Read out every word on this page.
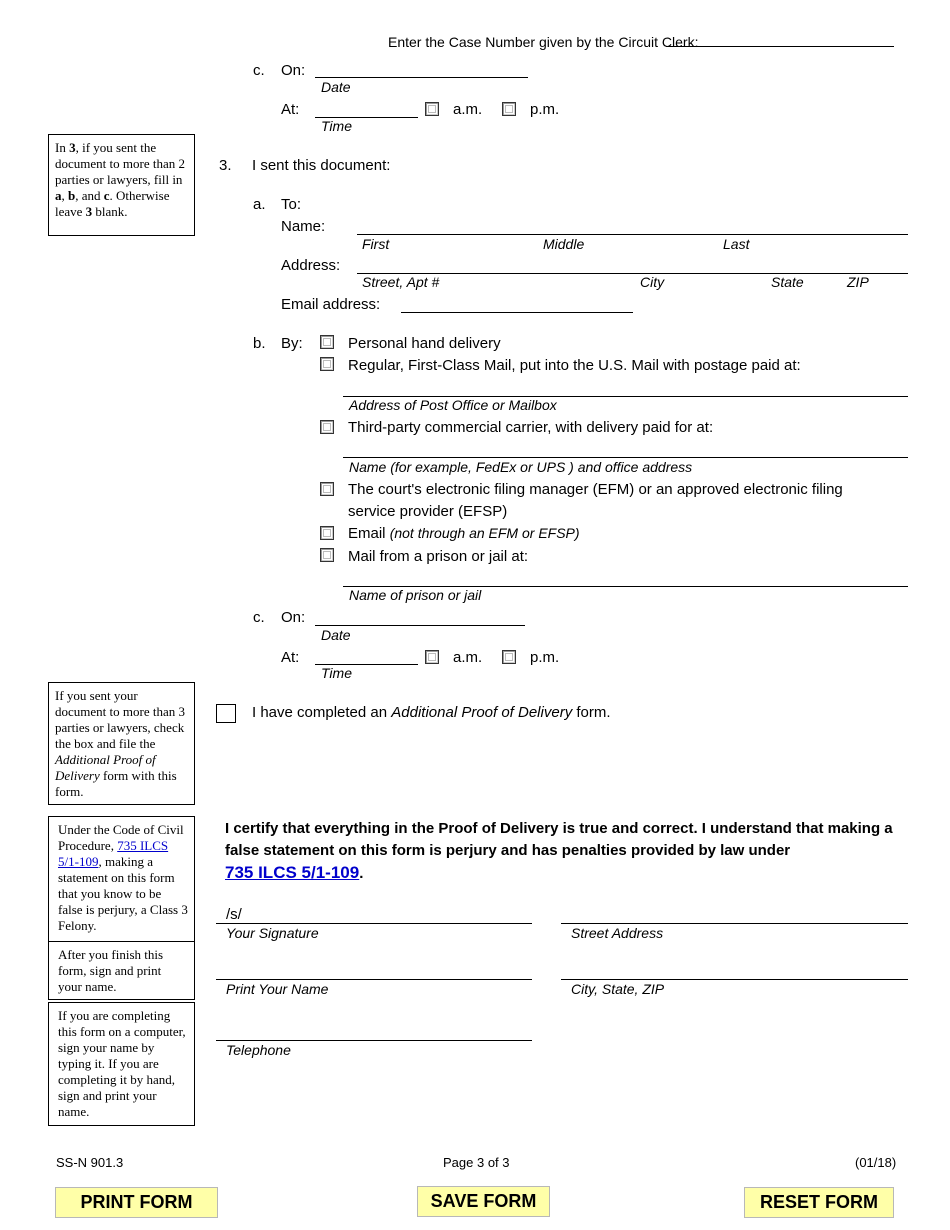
Enter the Case Number given by the Circuit Clerk:
c. On:
Date
At:
Time
a.m.	p.m.
In 3, if you sent the document to more than 2 parties or lawyers, fill in a, b, and c. Otherwise leave 3 blank.
3. I sent this document:
a. To:
Name:
First	Middle	Last
Address:
Street, Apt #	City	State	ZIP
Email address:
b. By:	Personal hand delivery
Regular, First-Class Mail, put into the U.S. Mail with postage paid at:
Address of Post Office or Mailbox
Third-party commercial carrier, with delivery paid for at:
Name (for example, FedEx or UPS ) and office address
The court's electronic filing manager (EFM) or an approved electronic filing
service provider (EFSP)
Email (not through an EFM or EFSP)
Mail from a prison or jail at:
Name of prison or jail
c. On:
Date
At:
Time
a.m.	p.m.
If you sent your document to more than 3 parties or lawyers, check the box and file the Additional Proof of Delivery form with this form.
I have completed an Additional Proof of Delivery form.
Under the Code of Civil Procedure, 735 ILCS 5/1-109, making a statement on this form that you know to be false is perjury, a Class 3 Felony.
After you finish this form, sign and print your name.
If you are completing this form on a computer, sign your name by typing it. If you are completing it by hand, sign and print your name.
I certify that everything in the Proof of Delivery is true and correct. I understand that making a false statement on this form is perjury and has penalties provided by law under
735 ILCS 5/1-109.
/s/
Your Signature	Street Address
Print Your Name	City, State, ZIP
Telephone
SS-N 901.3	Page 3 of 3	(01/18)
PRINT FORM	SAVE FORM	RESET FORM
